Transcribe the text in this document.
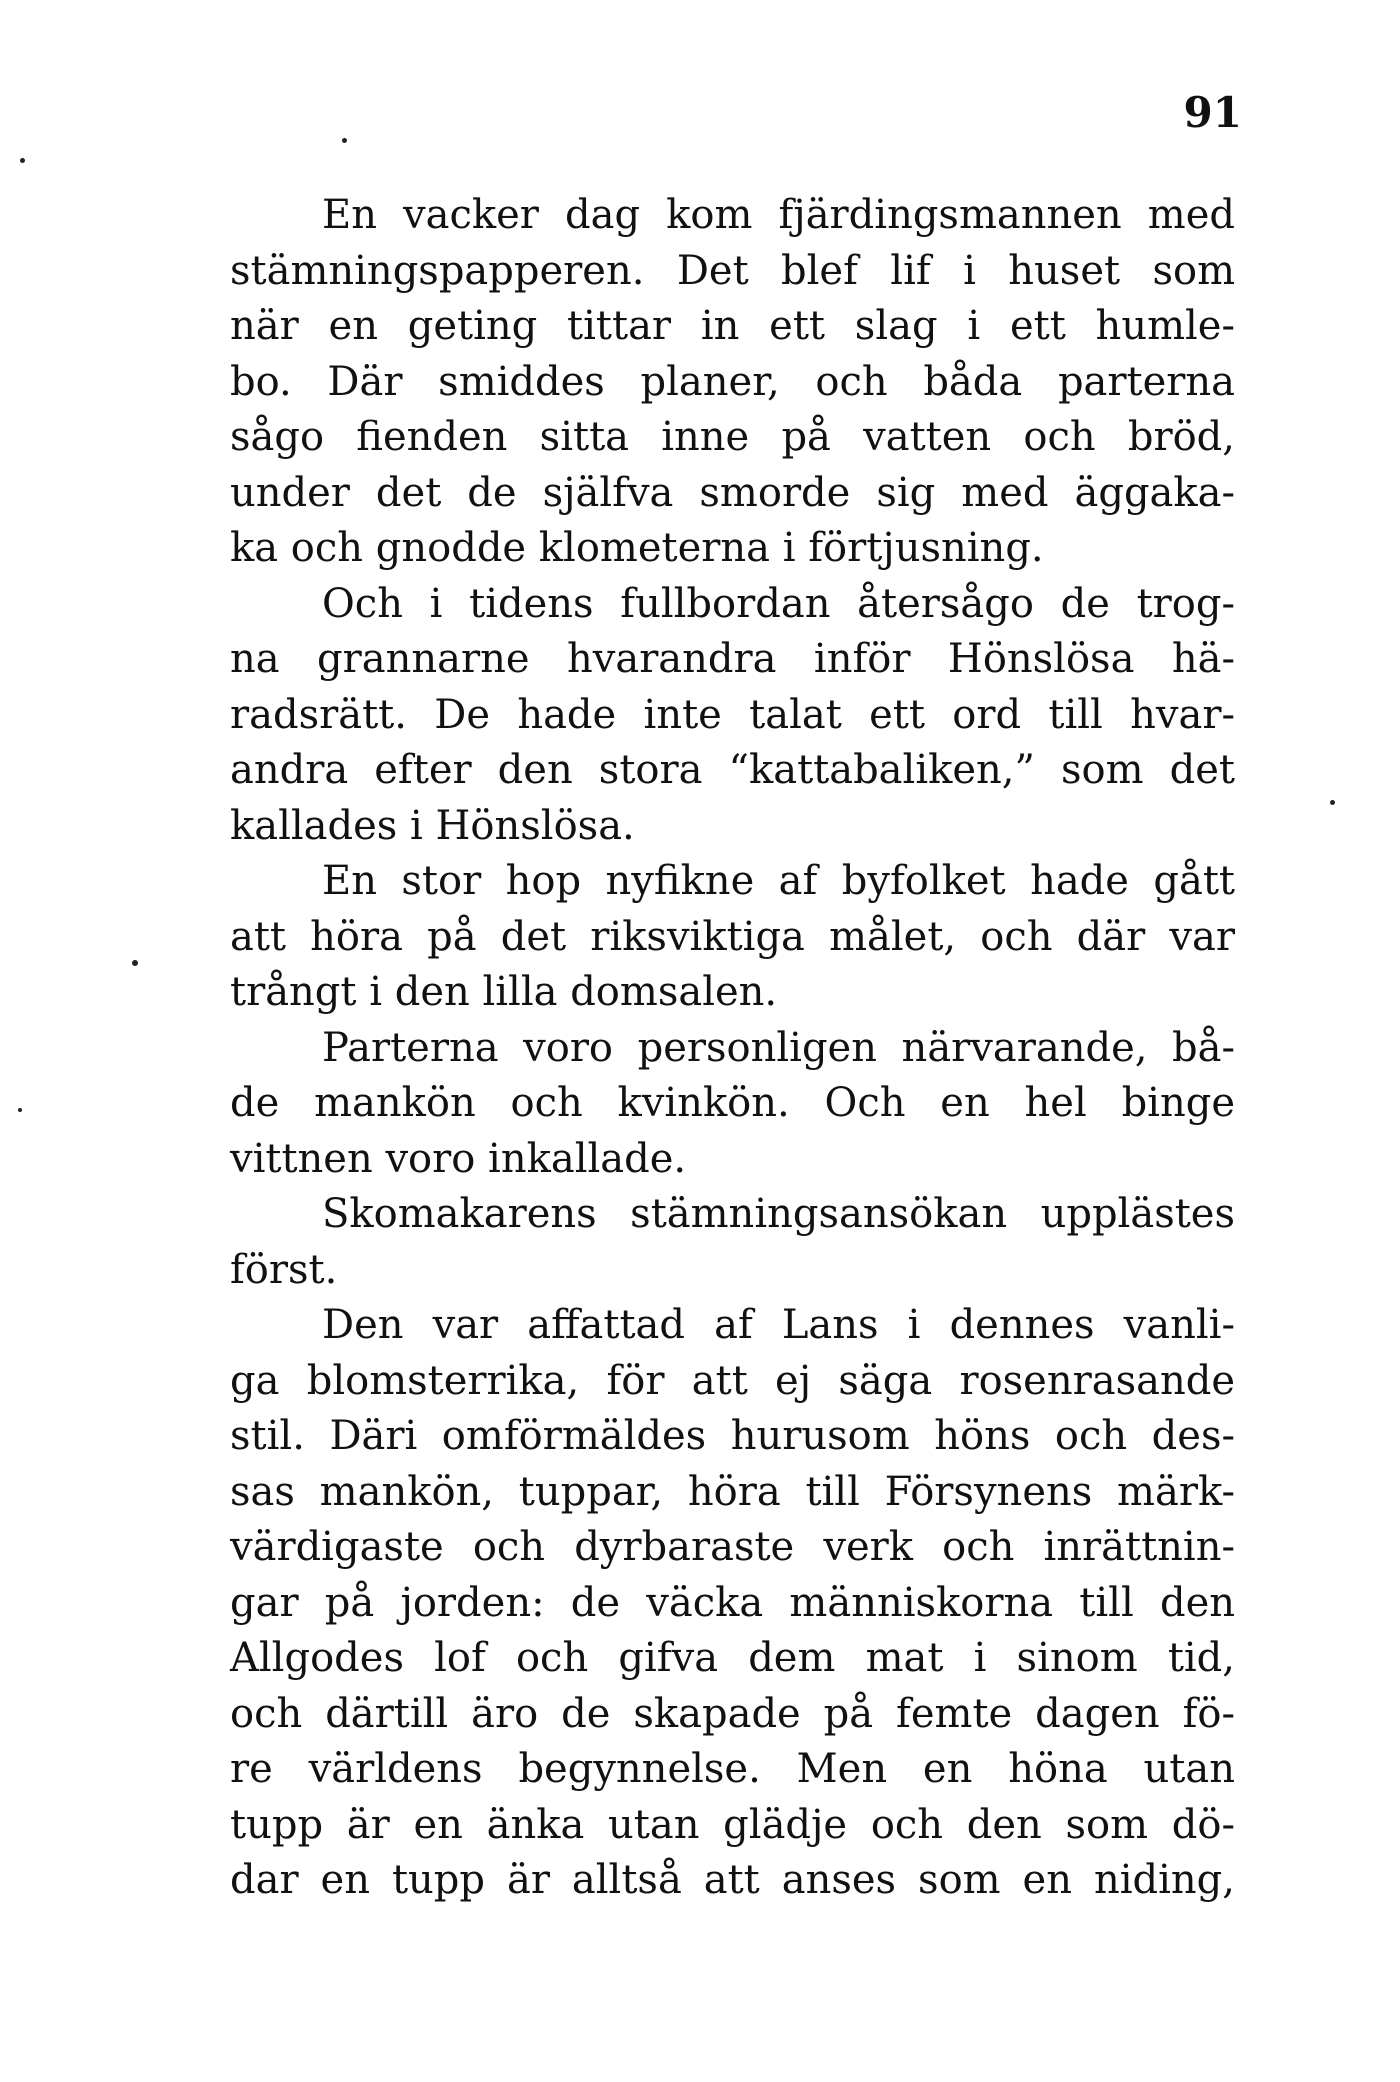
91
En vacker dag kom fjärdingsmannen med
stämningspapperen. Det blef lif i huset som
när en geting tittar in ett slag i ett humle-
bo. Där smiddes planer, och båda parterna
sågo fienden sitta inne på vatten och bröd,
under det de själfva smorde sig med äggaka-
ka och gnodde klometerna i förtjusning.
Och i tidens fullbordan återsågo de trog-
na grannarne hvarandra inför Hönslösa hä-
radsrätt. De hade inte talat ett ord till hvar-
andra efter den stora “kattabaliken,” som det
kallades i Hönslösa.
En stor hop nyfikne af byfolket hade gått
att höra på det riksviktiga målet, och där var
trångt i den lilla domsalen.
Parterna voro personligen närvarande, bå-
de mankön och kvinkön. Och en hel binge
vittnen voro inkallade.
Skomakarens stämningsansökan upplästes
först.
Den var affattad af Lans i dennes vanli-
ga blomsterrika, för att ej säga rosenrasande
stil. Däri omförmäldes hurusom höns och des-
sas mankön, tuppar, höra till Försynens märk-
värdigaste och dyrbaraste verk och inrättnin-
gar på jorden: de väcka människorna till den
Allgodes lof och gifva dem mat i sinom tid,
och därtill äro de skapade på femte dagen fö-
re världens begynnelse. Men en höna utan
tupp är en änka utan glädje och den som dö-
dar en tupp är alltså att anses som en niding,
